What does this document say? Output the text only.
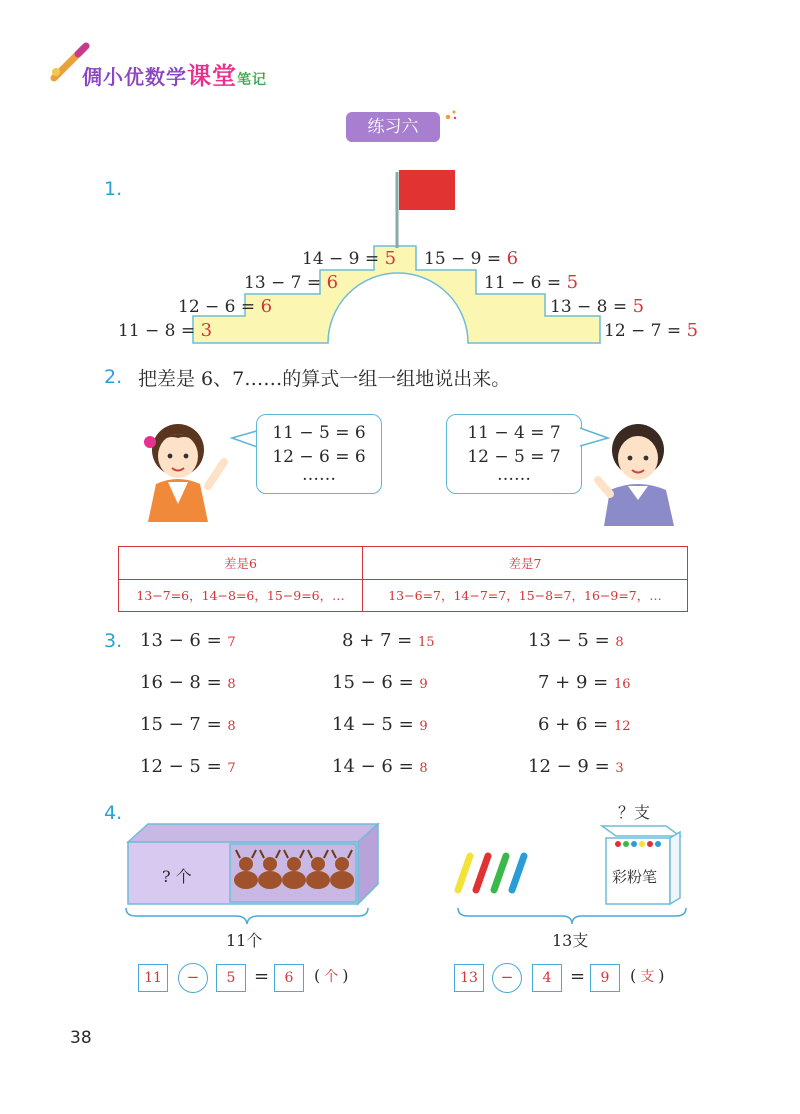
倜小优数学课堂笔记
练习六
1.
11 − 8 = 3
12 − 6 = 6
13 − 7 = 6
14 − 9 = 5 15 − 9 = 6
11 − 6 = 5
13 − 8 = 5
12 − 7 = 5
2. 把差是 6、7……的算式一组一组地说出来。
11 − 5 = 6
12 − 6 = 6
……
11 − 4 = 7
12 − 5 = 7
……
差是6	差是7
13−7=6，14−8=6，15−9=6，…	13−6=7，14−7=7，15−8=7，16−9=7，…
3. 13 − 6 = 7	8 + 7 = 15	13 − 5 = 8
16 − 8 = 8	15 − 6 = 9	7 + 9 = 16
15 − 7 = 8	14 − 5 = 9	6 + 6 = 12
12 − 5 = 7	14 − 6 = 8	12 − 9 = 3
4.
? 个
11个
11	−	5	=	6	( 个 )
？支
彩粉笔
13支
13	−	4	=	9	( 支 )
38
